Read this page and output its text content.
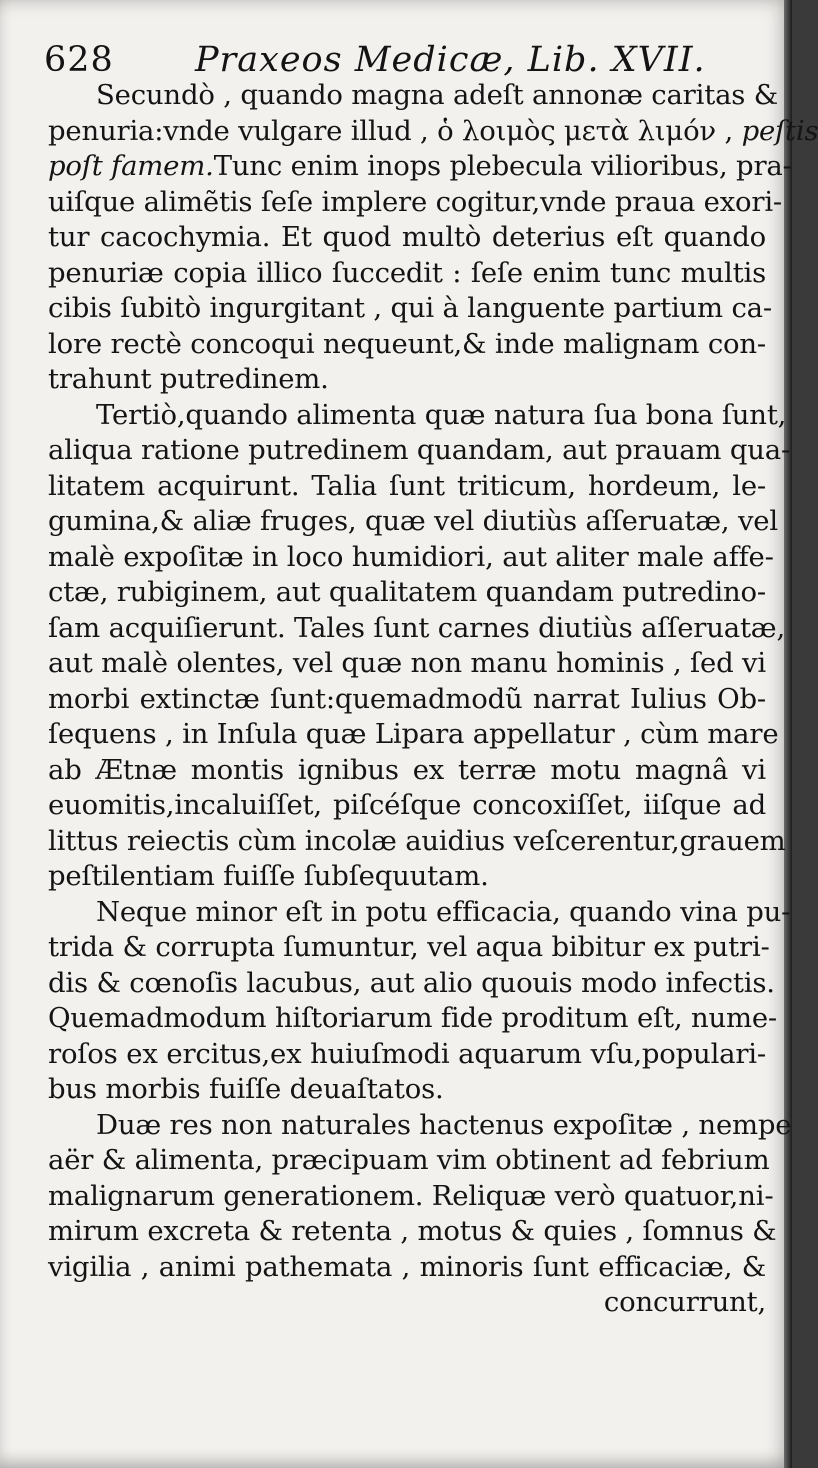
628 Praxeos Medicæ, Lib. XVII.
Secundò , quando magna adeſt annonæ caritas &
penuria:vnde vulgare illud , ὁ λοιμὸς μετὰ λιμόν , peſtis
poſt famem.Tunc enim inops plebecula vilioribus, pra-
uiſque alimẽtis ſeſe implere cogitur,vnde praua exori-
tur cacochymia. Et quod multò deterius eſt quando
penuriæ copia illico ſuccedit : ſeſe enim tunc multis
cibis ſubitò ingurgitant , qui à languente partium ca-
lore rectè concoqui nequeunt,& inde malignam con-
trahunt putredinem.
Tertiò,quando alimenta quæ natura ſua bona ſunt,
aliqua ratione putredinem quandam, aut prauam qua-
litatem acquirunt. Talia ſunt triticum, hordeum, le-
gumina,& aliæ fruges, quæ vel diutiùs aſſeruatæ, vel
malè expoſitæ in loco humidiori, aut aliter male affe-
ctæ, rubiginem, aut qualitatem quandam putredino-
ſam acquiſierunt. Tales ſunt carnes diutiùs aſſeruatæ,
aut malè olentes, vel quæ non manu hominis , ſed vi
morbi extinctæ ſunt:quemadmodũ narrat Iulius Ob-
ſequens , in Inſula quæ Lipara appellatur , cùm mare
ab Ætnæ montis ignibus ex terræ motu magnâ vi
euomitis,incaluiſſet, piſcéſque concoxiſſet, iiſque ad
littus reiectis cùm incolæ auidius veſcerentur,grauem
peſtilentiam fuiſſe ſubſequutam.
Neque minor eſt in potu efficacia, quando vina pu-
trida & corrupta ſumuntur, vel aqua bibitur ex putri-
dis & cœnoſis lacubus, aut alio quouis modo infectis.
Quemadmodum hiſtoriarum fide proditum eſt, nume-
roſos ex ercitus,ex huiuſmodi aquarum vſu,populari-
bus morbis fuiſſe deuaſtatos.
Duæ res non naturales hactenus expoſitæ , nempe
aër & alimenta, præcipuam vim obtinent ad febrium
malignarum generationem. Reliquæ verò quatuor,ni-
mirum excreta & retenta , motus & quies , ſomnus &
vigilia , animi pathemata , minoris ſunt efficaciæ, &
concurrunt,
